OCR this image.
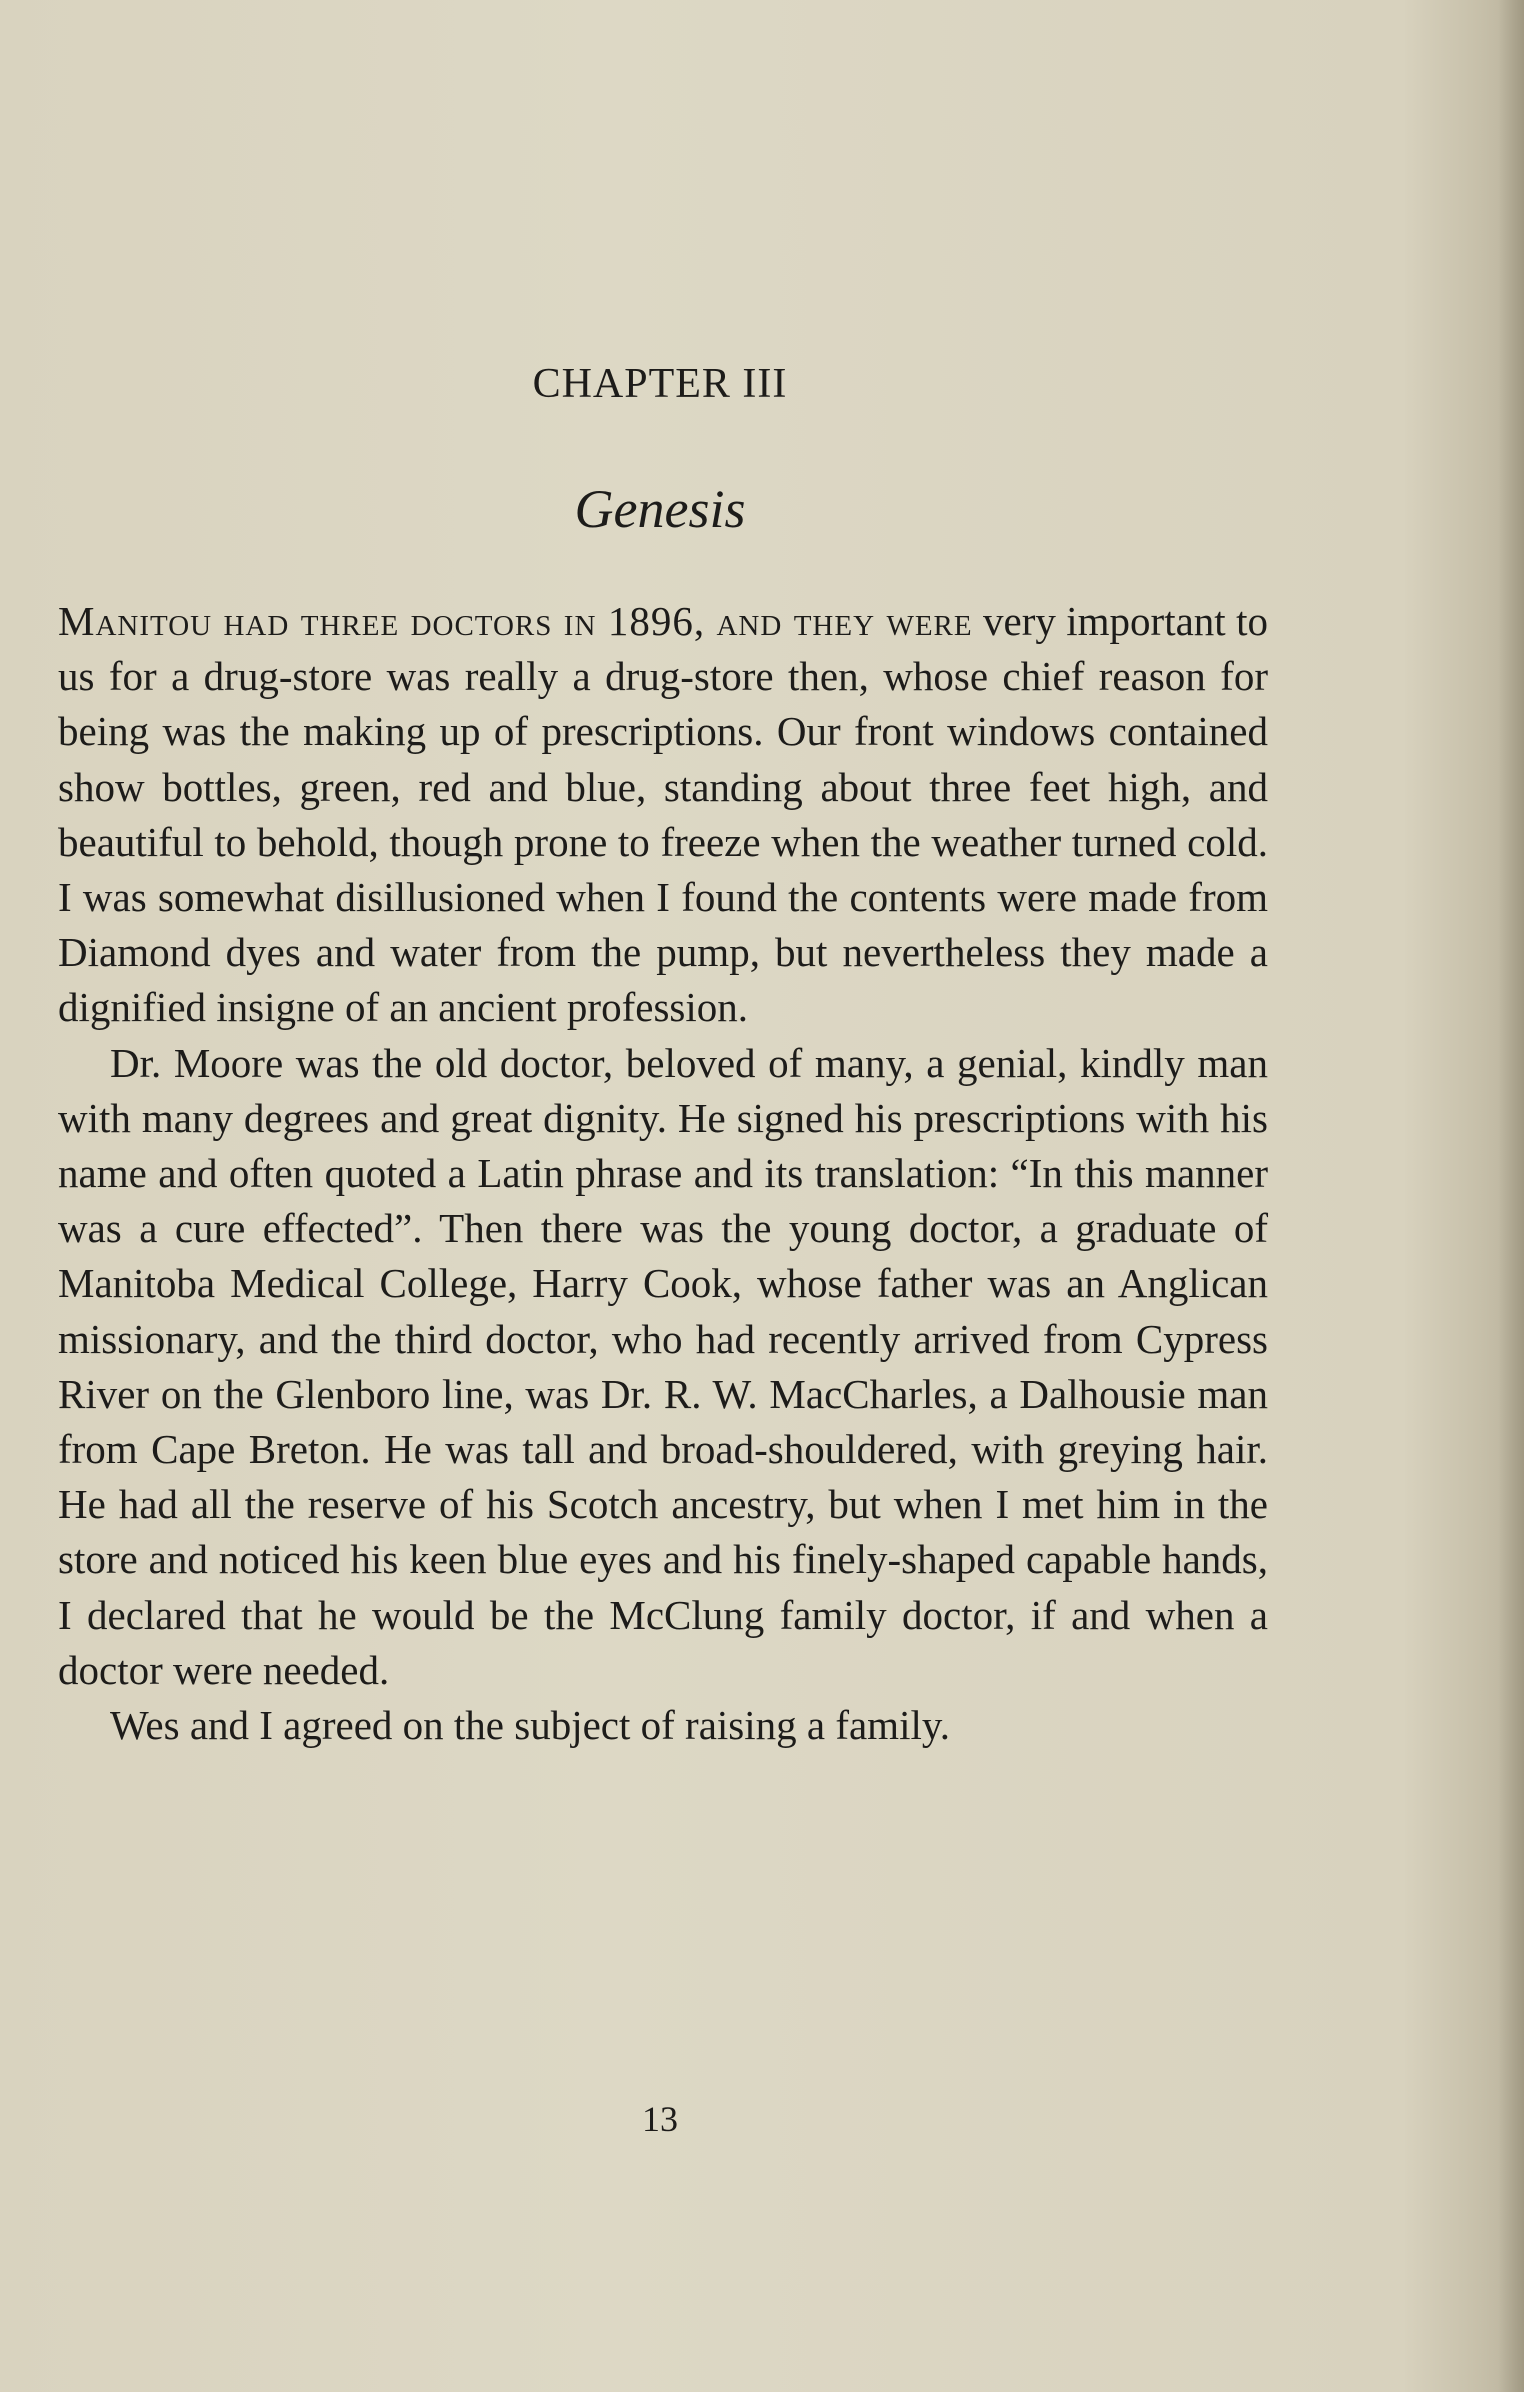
CHAPTER III
Genesis

Manitou had three doctors in 1896, and they were very important to us for a drug-store was really a drug-store then, whose chief reason for being was the making up of prescriptions. Our front windows contained show bottles, green, red and blue, standing about three feet high, and beautiful to behold, though prone to freeze when the weather turned cold. I was somewhat disillusioned when I found the contents were made from Diamond dyes and water from the pump, but nevertheless they made a dignified insigne of an ancient profession.

Dr. Moore was the old doctor, beloved of many, a genial, kindly man with many degrees and great dignity. He signed his prescriptions with his name and often quoted a Latin phrase and its translation: “In this manner was a cure effected”. Then there was the young doctor, a graduate of Manitoba Medical College, Harry Cook, whose father was an Anglican missionary, and the third doctor, who had recently arrived from Cypress River on the Glenboro line, was Dr. R. W. MacCharles, a Dalhousie man from Cape Breton. He was tall and broad-shouldered, with greying hair. He had all the reserve of his Scotch ancestry, but when I met him in the store and noticed his keen blue eyes and his finely-shaped capable hands, I declared that he would be the McClung family doctor, if and when a doctor were needed.

Wes and I agreed on the subject of raising a family.

13
